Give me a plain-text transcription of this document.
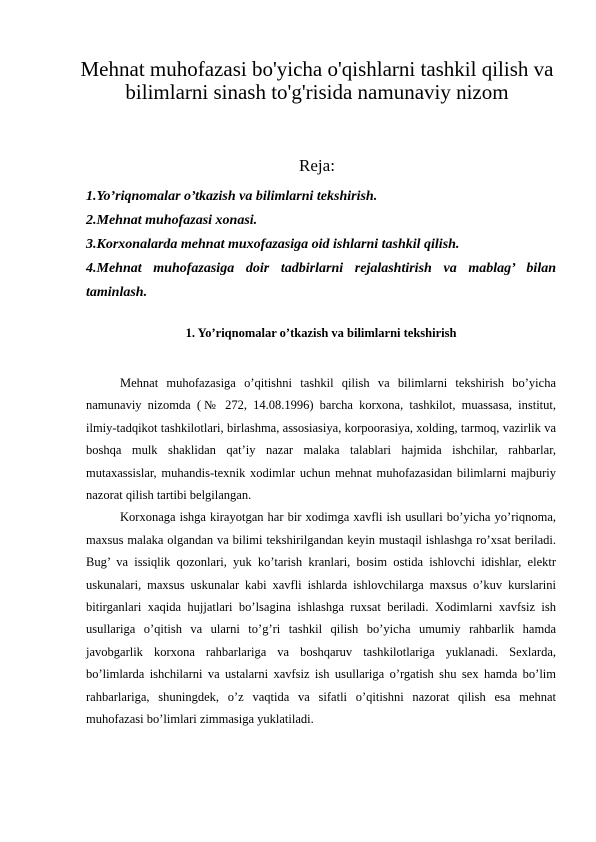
Mehnat muhofazasi bo'yicha o'qishlarni tashkil qilish va bilimlarni sinash to'g'risida namunaviy nizom

Reja:

1.Yo’riqnomalar o’tkazish va bilimlarni tekshirish.
2.Mehnat muhofazasi xonasi.
3.Korxonalarda mehnat muxofazasiga oid ishlarni tashkil qilish.
4.Mehnat muhofazasiga doir tadbirlarni rejalashtirish va mablag’ bilan taminlash.

1. Yo’riqnomalar o’tkazish va bilimlarni tekshirish

Mehnat muhofazasiga o’qitishni tashkil qilish va bilimlarni tekshirish bo’yicha namunaviy nizomda (№ 272, 14.08.1996) barcha korxona, tashkilot, muassasa, institut, ilmiy-tadqikot tashkilotlari, birlashma, assosiasiya, korpoorasiya, xolding, tarmoq, vazirlik va boshqa mulk shaklidan qat’iy nazar malaka talablari hajmida ishchilar, rahbarlar, mutaxassislar, muhandis-texnik xodimlar uchun mehnat muhofazasidan bilimlarni majburiy nazorat qilish tartibi belgilangan.

Korxonaga ishga kirayotgan har bir xodimga xavfli ish usullari bo’yicha yo’riqnoma, maxsus malaka olgandan va bilimi tekshirilgandan keyin mustaqil ishlashga ro’xsat beriladi. Bug’ va issiqlik qozonlari, yuk ko’tarish kranlari, bosim ostida ishlovchi idishlar, elektr uskunalari, maxsus uskunalar kabi xavfli ishlarda ishlovchilarga maxsus o’kuv kurslarini bitirganlari xaqida hujjatlari bo’lsagina ishlashga ruxsat beriladi. Xodimlarni xavfsiz ish usullariga o’qitish va ularni to’g’ri tashkil qilish bo’yicha umumiy rahbarlik hamda javobgarlik korxona rahbarlariga va boshqaruv tashkilotlariga yuklanadi. Sexlarda, bo’limlarda ishchilarni va ustalarni xavfsiz ish usullariga o’rgatish shu sex hamda bo’lim rahbarlariga, shuningdek, o’z vaqtida va sifatli o’qitishni nazorat qilish esa mehnat muhofazasi bo’limlari zimmasiga yuklatiladi.
